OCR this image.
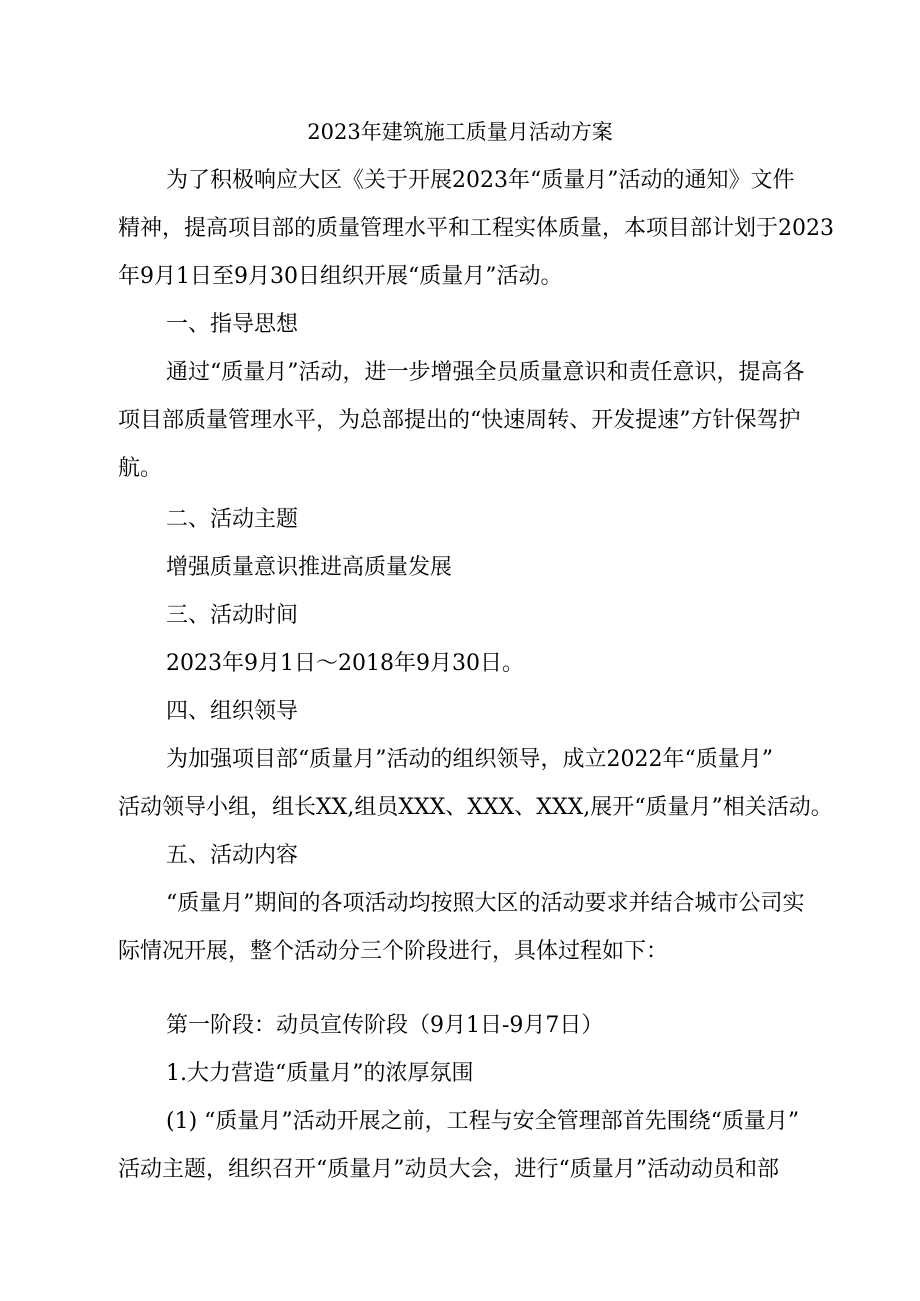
2023年建筑施工质量月活动方案
为了积极响应大区《关于开展2023年“质量月”活动的通知》文件
精神，提高项目部的质量管理水平和工程实体质量，本项目部计划于2023
年9月1日至9月30日组织开展“质量月”活动。
一、指导思想
通过“质量月”活动，进一步增强全员质量意识和责任意识，提高各
项目部质量管理水平，为总部提出的“快速周转、开发提速”方针保驾护
航。
二、活动主题
增强质量意识推进高质量发展
三、活动时间
2023年9月1日～2018年9月30日。
四、组织领导
为加强项目部“质量月”活动的组织领导，成立2022年“质量月”
活动领导小组，组长XX,组员XXX、XXX、XXX,展开“质量月”相关活动。
五、活动内容
“质量月”期间的各项活动均按照大区的活动要求并结合城市公司实
际情况开展，整个活动分三个阶段进行，具体过程如下：
第一阶段：动员宣传阶段（9月1日-9月7日）
1.大力营造“质量月”的浓厚氛围
(1) “质量月”活动开展之前，工程与安全管理部首先围绕“质量月”
活动主题，组织召开“质量月”动员大会，进行“质量月”活动动员和部
